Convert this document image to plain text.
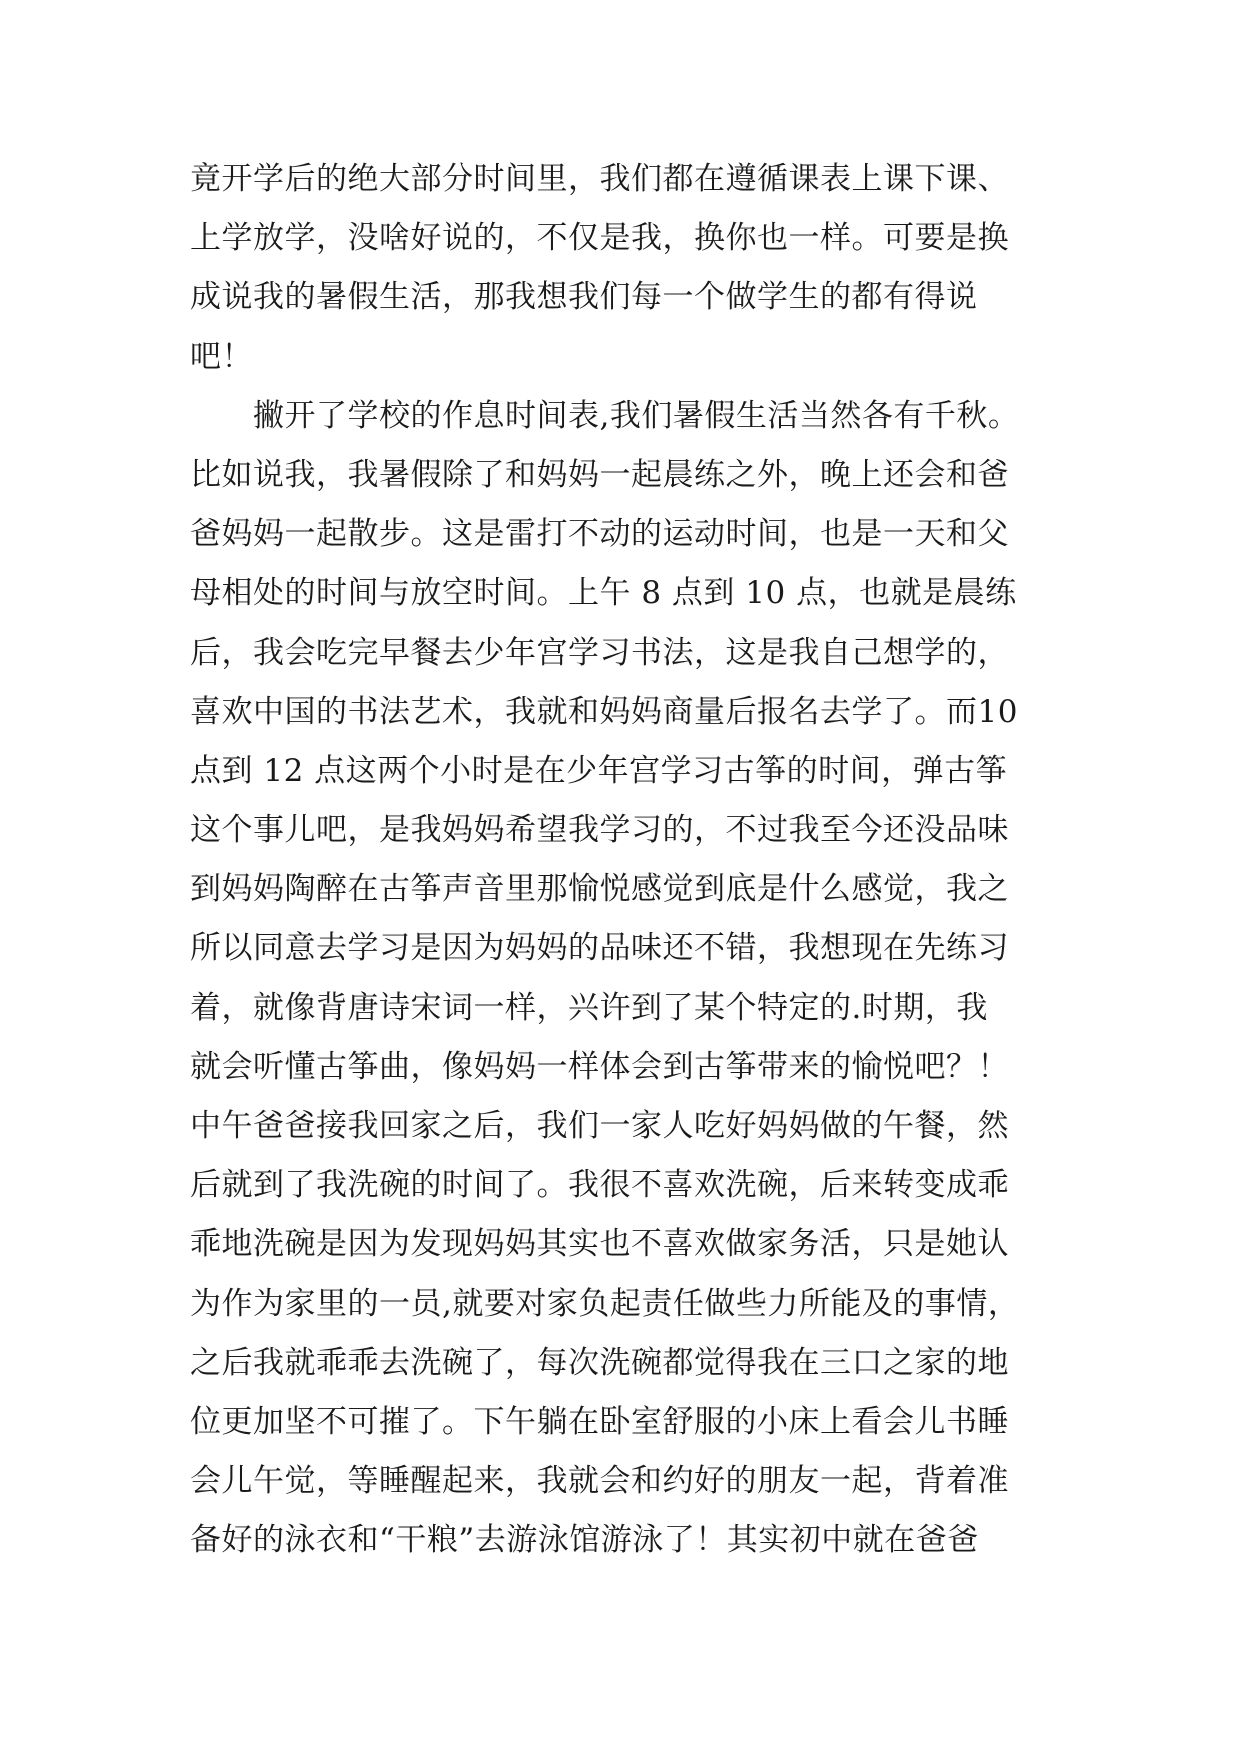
竟开学后的绝大部分时间里，我们都在遵循课表上课下课、
上学放学，没啥好说的，不仅是我，换你也一样。可要是换
成说我的暑假生活，那我想我们每一个做学生的都有得说
吧！
　　撇开了学校的作息时间表,我们暑假生活当然各有千秋。
比如说我，我暑假除了和妈妈一起晨练之外，晚上还会和爸
爸妈妈一起散步。这是雷打不动的运动时间，也是一天和父
母相处的时间与放空时间。上午 8 点到 10 点，也就是晨练
后，我会吃完早餐去少年宫学习书法，这是我自己想学的，
喜欢中国的书法艺术，我就和妈妈商量后报名去学了。而10
点到 12 点这两个小时是在少年宫学习古筝的时间，弹古筝
这个事儿吧，是我妈妈希望我学习的，不过我至今还没品味
到妈妈陶醉在古筝声音里那愉悦感觉到底是什么感觉，我之
所以同意去学习是因为妈妈的品味还不错，我想现在先练习
着，就像背唐诗宋词一样，兴许到了某个特定的.时期，我
就会听懂古筝曲，像妈妈一样体会到古筝带来的愉悦吧？！
中午爸爸接我回家之后，我们一家人吃好妈妈做的午餐，然
后就到了我洗碗的时间了。我很不喜欢洗碗，后来转变成乖
乖地洗碗是因为发现妈妈其实也不喜欢做家务活，只是她认
为作为家里的一员,就要对家负起责任做些力所能及的事情，
之后我就乖乖去洗碗了，每次洗碗都觉得我在三口之家的地
位更加坚不可摧了。下午躺在卧室舒服的小床上看会儿书睡
会儿午觉，等睡醒起来，我就会和约好的朋友一起，背着准
备好的泳衣和“干粮”去游泳馆游泳了！其实初中就在爸爸
